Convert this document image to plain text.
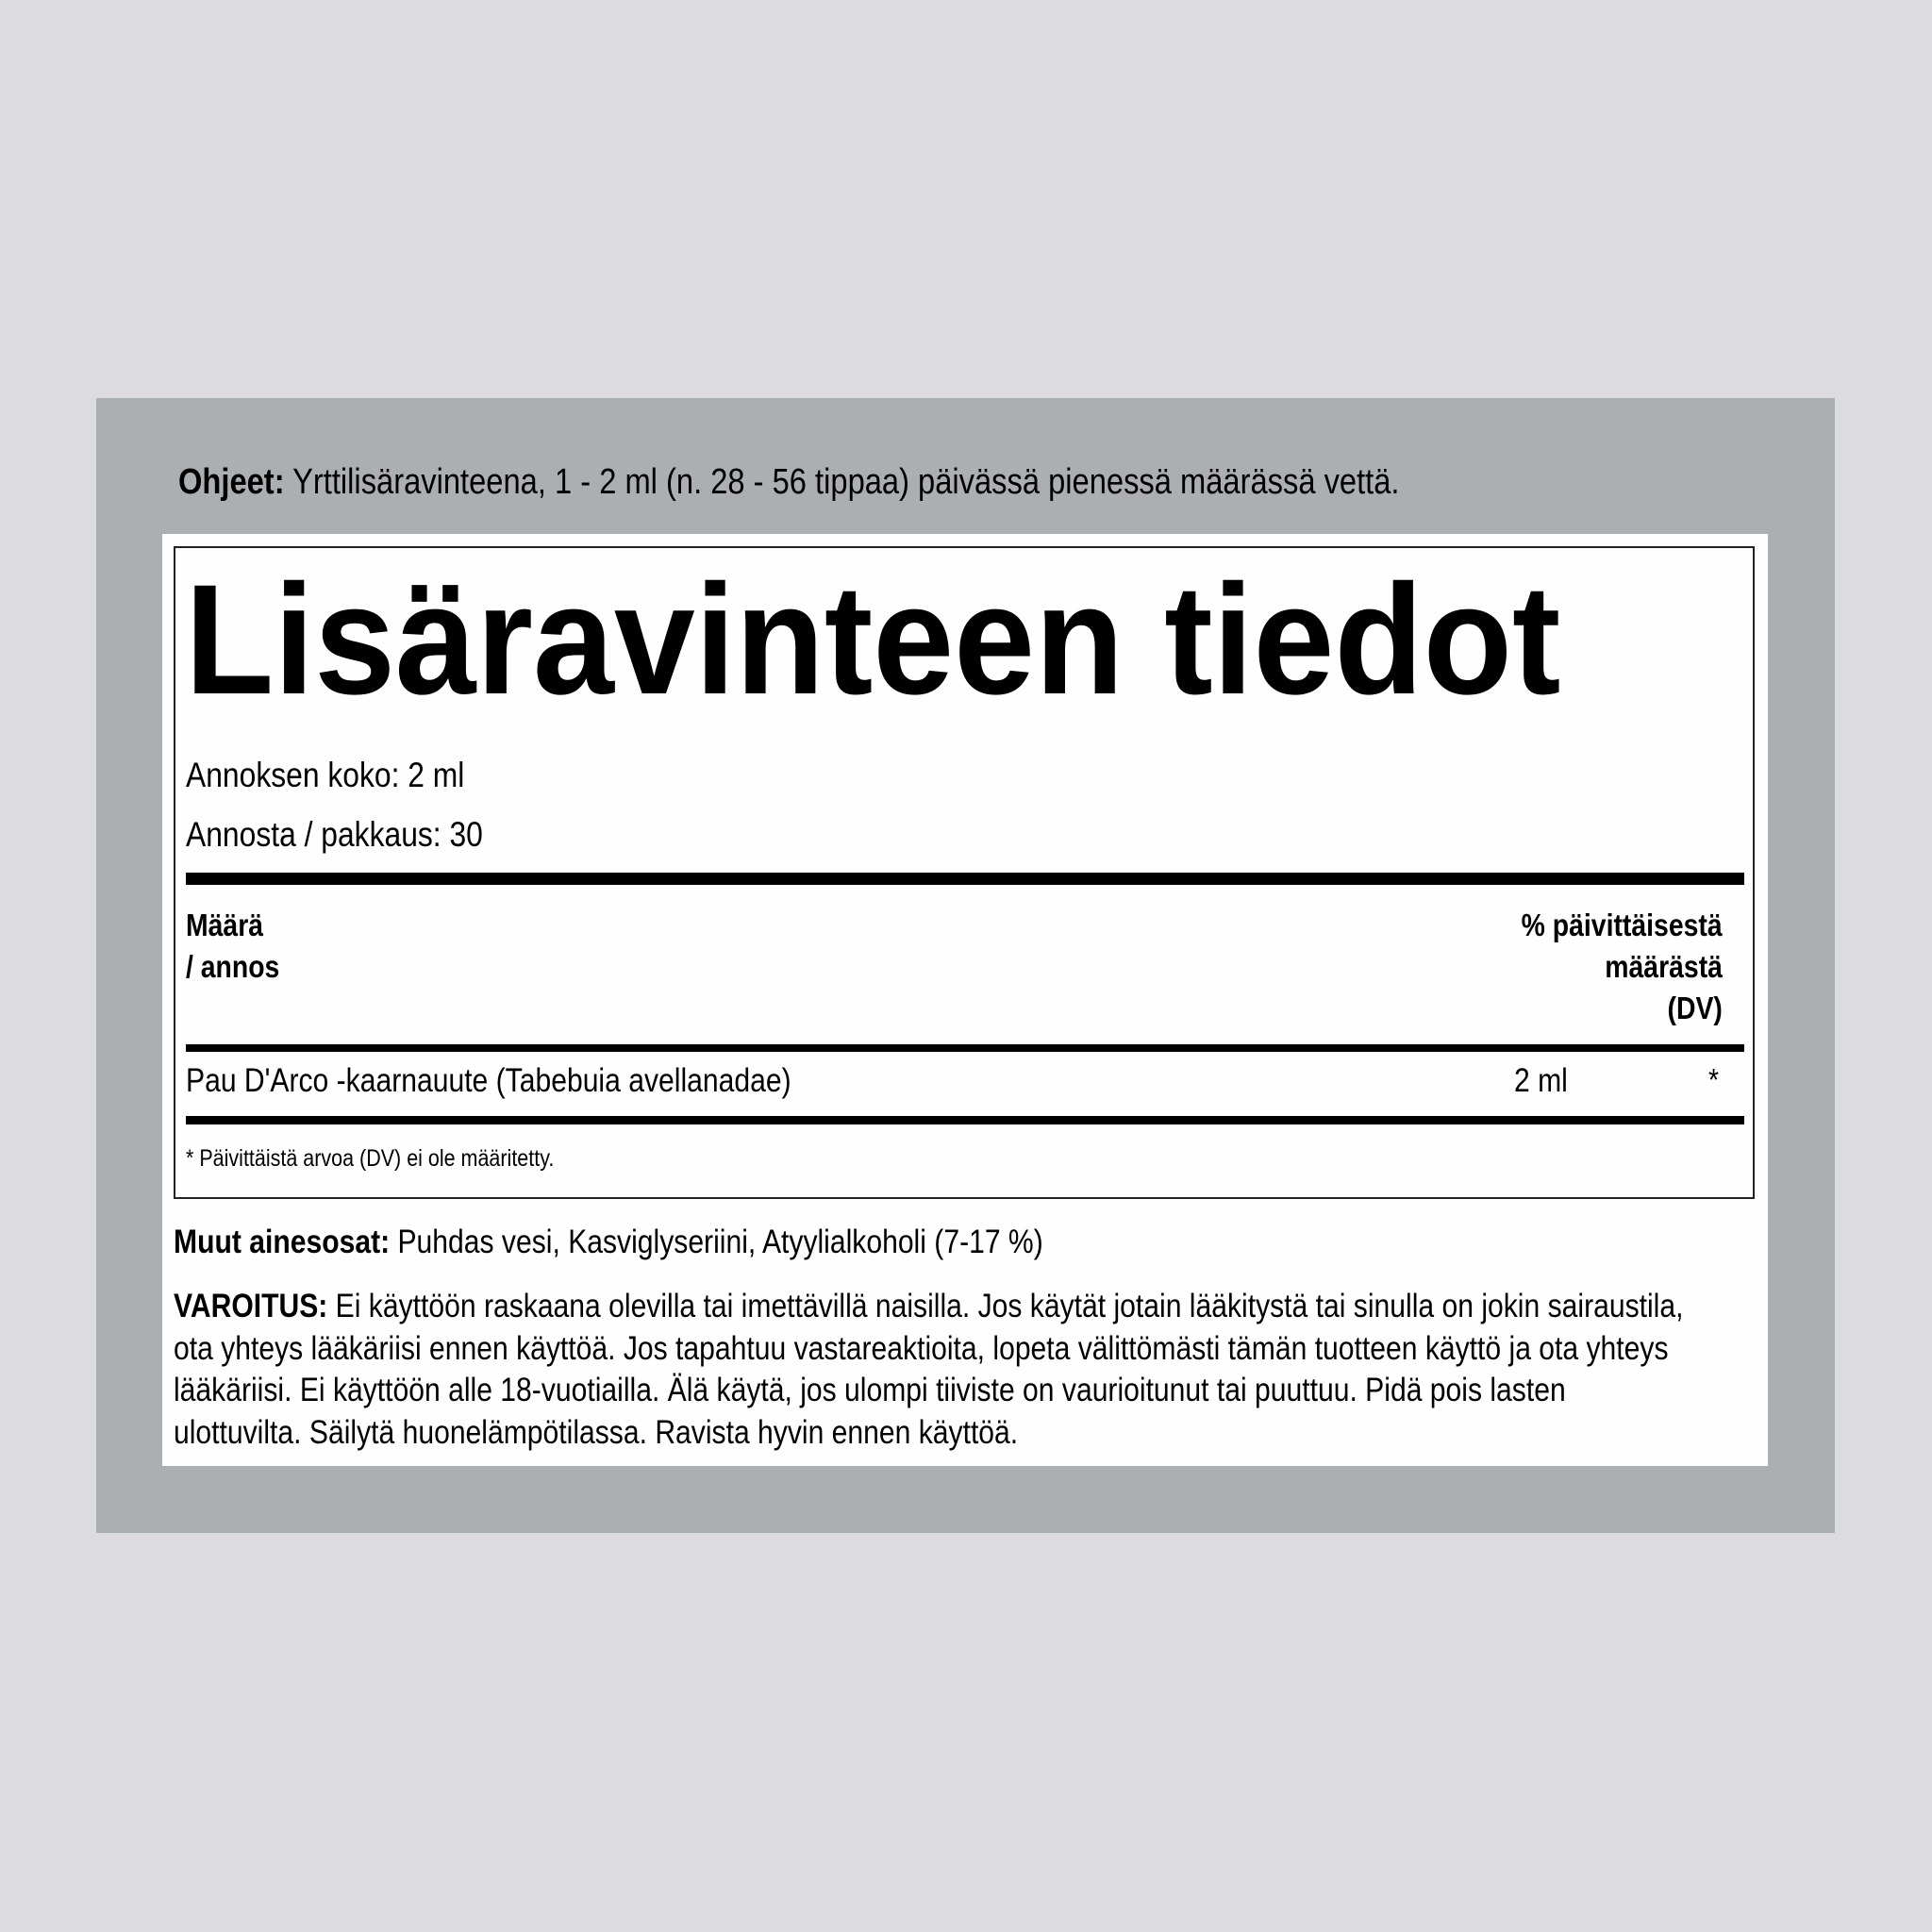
Ohjeet: Yrttilisäravinteena, 1 - 2 ml (n. 28 - 56 tippaa) päivässä pienessä määrässä vettä.
Lisäravinteen tiedot
Annoksen koko: 2 ml
Annosta / pakkaus: 30
Määrä
/ annos
% päivittäisestä
määrästä
(DV)
Pau D'Arco -kaarnauute (Tabebuia avellanadae)	2 ml	*
* Päivittäistä arvoa (DV) ei ole määritetty.
Muut ainesosat: Puhdas vesi, Kasviglyseriini, Atyylialkoholi (7-17 %)
VAROITUS: Ei käyttöön raskaana olevilla tai imettävillä naisilla. Jos käytät jotain lääkitystä tai sinulla on jokin sairaustila,
ota yhteys lääkäriisi ennen käyttöä. Jos tapahtuu vastareaktioita, lopeta välittömästi tämän tuotteen käyttö ja ota yhteys
lääkäriisi. Ei käyttöön alle 18-vuotiailla. Älä käytä, jos ulompi tiiviste on vaurioitunut tai puuttuu. Pidä pois lasten
ulottuvilta. Säilytä huonelämpötilassa. Ravista hyvin ennen käyttöä.
